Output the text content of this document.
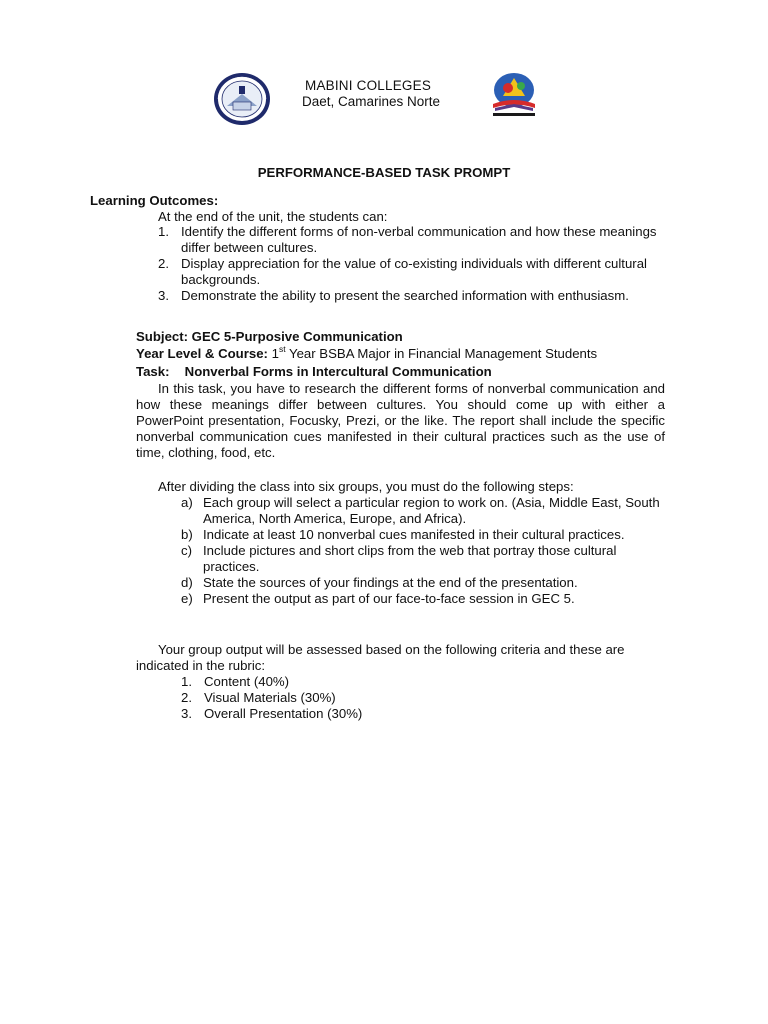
MABINI COLLEGES
Daet, Camarines Norte
PERFORMANCE-BASED TASK PROMPT
Learning Outcomes:
At the end of the unit, the students can:
1. Identify the different forms of non-verbal communication and how these meanings differ between cultures.
2. Display appreciation for the value of co-existing individuals with different cultural backgrounds.
3. Demonstrate the ability to present the searched information with enthusiasm.
Subject: GEC 5-Purposive Communication
Year Level & Course: 1st Year BSBA Major in Financial Management Students
Task: Nonverbal Forms in Intercultural Communication

In this task, you have to research the different forms of nonverbal communication and how these meanings differ between cultures. You should come up with either a PowerPoint presentation, Focusky, Prezi, or the like. The report shall include the specific nonverbal communication cues manifested in their cultural practices such as the use of time, clothing, food, etc.

After dividing the class into six groups, you must do the following steps:
a) Each group will select a particular region to work on. (Asia, Middle East, South America, North America, Europe, and Africa).
b) Indicate at least 10 nonverbal cues manifested in their cultural practices.
c) Include pictures and short clips from the web that portray those cultural practices.
d) State the sources of your findings at the end of the presentation.
e) Present the output as part of our face-to-face session in GEC 5.

Your group output will be assessed based on the following criteria and these are indicated in the rubric:

1. Content (40%)
2. Visual Materials (30%)
3. Overall Presentation (30%)
